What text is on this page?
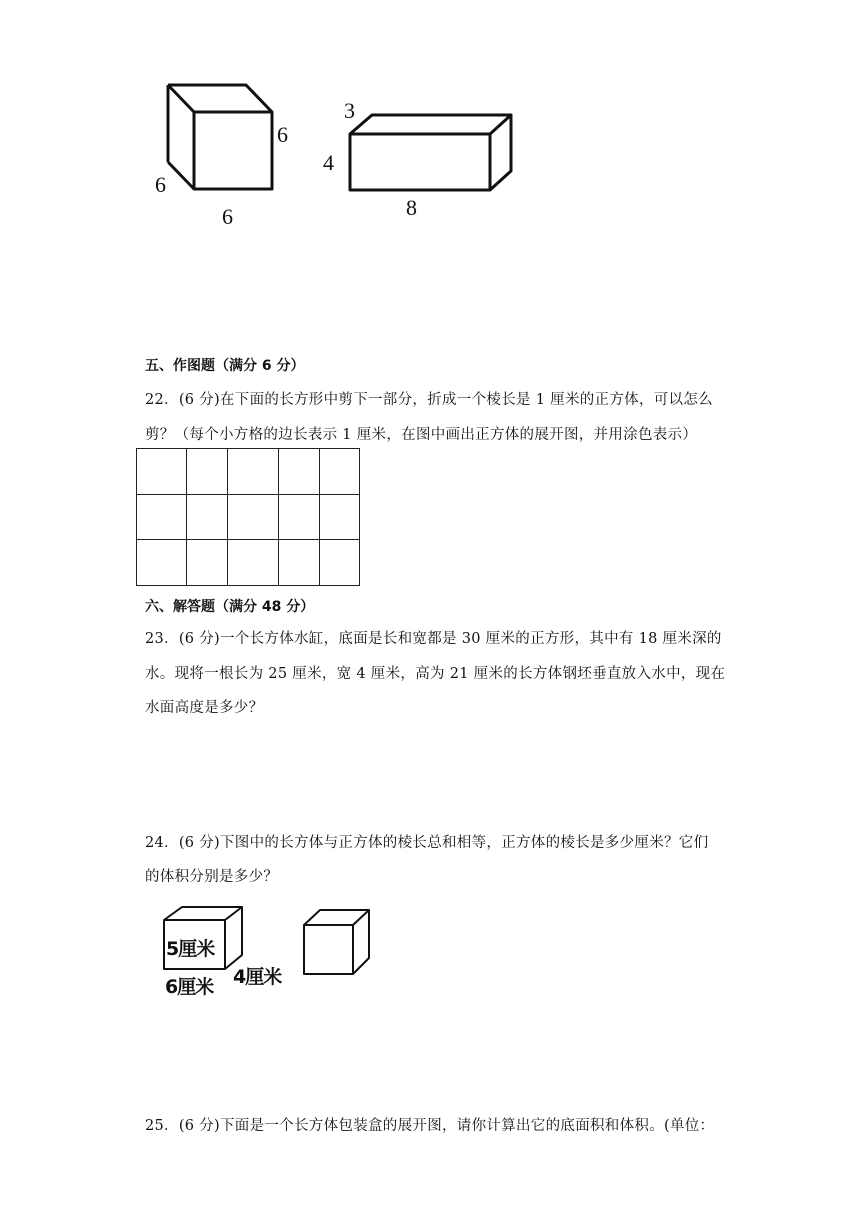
6
6
6
3
4
8
五、作图题（满分 6 分）
22．(6 分)在下面的长方形中剪下一部分，折成一个棱长是 1 厘米的正方体，可以怎么
剪？（每个小方格的边长表示 1 厘米，在图中画出正方体的展开图，并用涂色表示）

六、解答题（满分 48 分）
23．(6 分)一个长方体水缸，底面是长和宽都是 30 厘米的正方形，其中有 18 厘米深的
水。现将一根长为 25 厘米，宽 4 厘米，高为 21 厘米的长方体钢坯垂直放入水中，现在
水面高度是多少？
24．(6 分)下图中的长方体与正方体的棱长总和相等，正方体的棱长是多少厘米？它们
的体积分别是多少？
5厘米
6厘米 4厘米
25．(6 分)下面是一个长方体包装盒的展开图，请你计算出它的底面积和体积。(单位：
